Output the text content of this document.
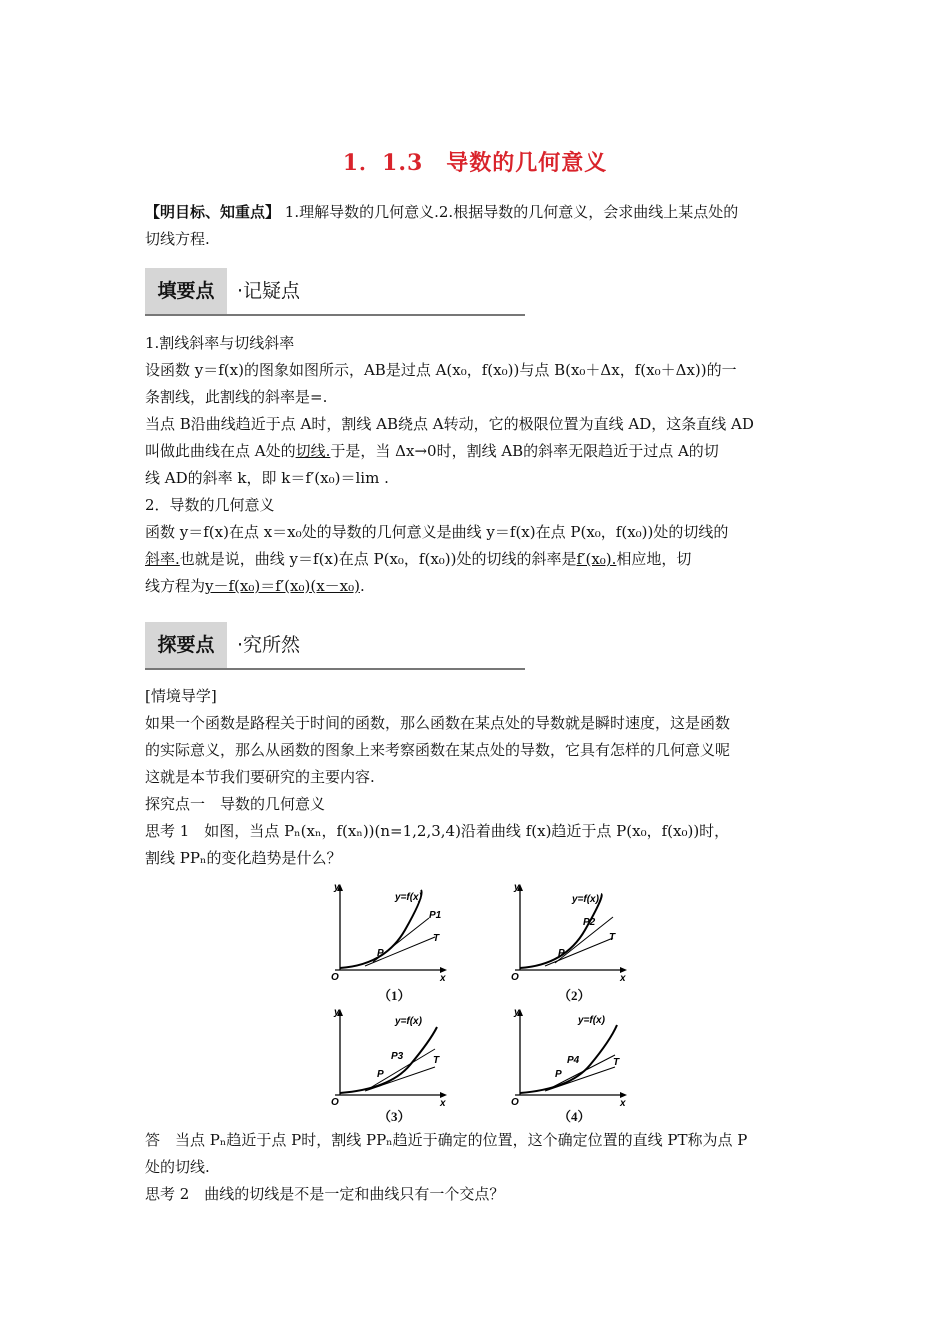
1．1.3　导数的几何意义
【明目标、知重点】 1.理解导数的几何意义.2.根据导数的几何意义，会求曲线上某点处的
切线方程.
填要点	·记疑点
1.割线斜率与切线斜率
设函数 y＝f(x)的图象如图所示，AB是过点 A(x₀，f(x₀))与点 B(x₀＋Δx，f(x₀＋Δx))的一
条割线，此割线的斜率是=.
当点 B沿曲线趋近于点 A时，割线 AB绕点 A转动，它的极限位置为直线 AD，这条直线 AD
叫做此曲线在点 A处的切线.于是，当 Δx→0时，割线 AB的斜率无限趋近于过点 A的切
线 AD的斜率 k，即 k＝f′(x₀)＝lim .
2．导数的几何意义
函数 y＝f(x)在点 x＝x₀处的导数的几何意义是曲线 y＝f(x)在点 P(x₀，f(x₀))处的切线的
斜率.也就是说，曲线 y＝f(x)在点 P(x₀，f(x₀))处的切线的斜率是f′(x₀).相应地，切
线方程为y－f(x₀)＝f′(x₀)(x－x₀).
探要点	·究所然
[情境导学]
如果一个函数是路程关于时间的函数，那么函数在某点处的导数就是瞬时速度，这是函数
的实际意义，那么从函数的图象上来考察函数在某点处的导数，它具有怎样的几何意义呢
这就是本节我们要研究的主要内容.
探究点一　导数的几何意义
思考 1　如图，当点 Pₙ(xₙ，f(xₙ))(n=1,2,3,4)沿着曲线 f(x)趋近于点 P(x₀，f(x₀))时，
割线 PPₙ的变化趋势是什么？
y
x
O
y=f(x)
P
T
P1
（1）
y
x
O
y=f(x)
P
T
P2
（2）
y
x
O
y=f(x)
P
T
P3
（3）
y
x
O
y=f(x)
P
T
P4
（4）
答　当点 Pₙ趋近于点 P时，割线 PPₙ趋近于确定的位置，这个确定位置的直线 PT称为点 P
处的切线.
思考 2　曲线的切线是不是一定和曲线只有一个交点？
